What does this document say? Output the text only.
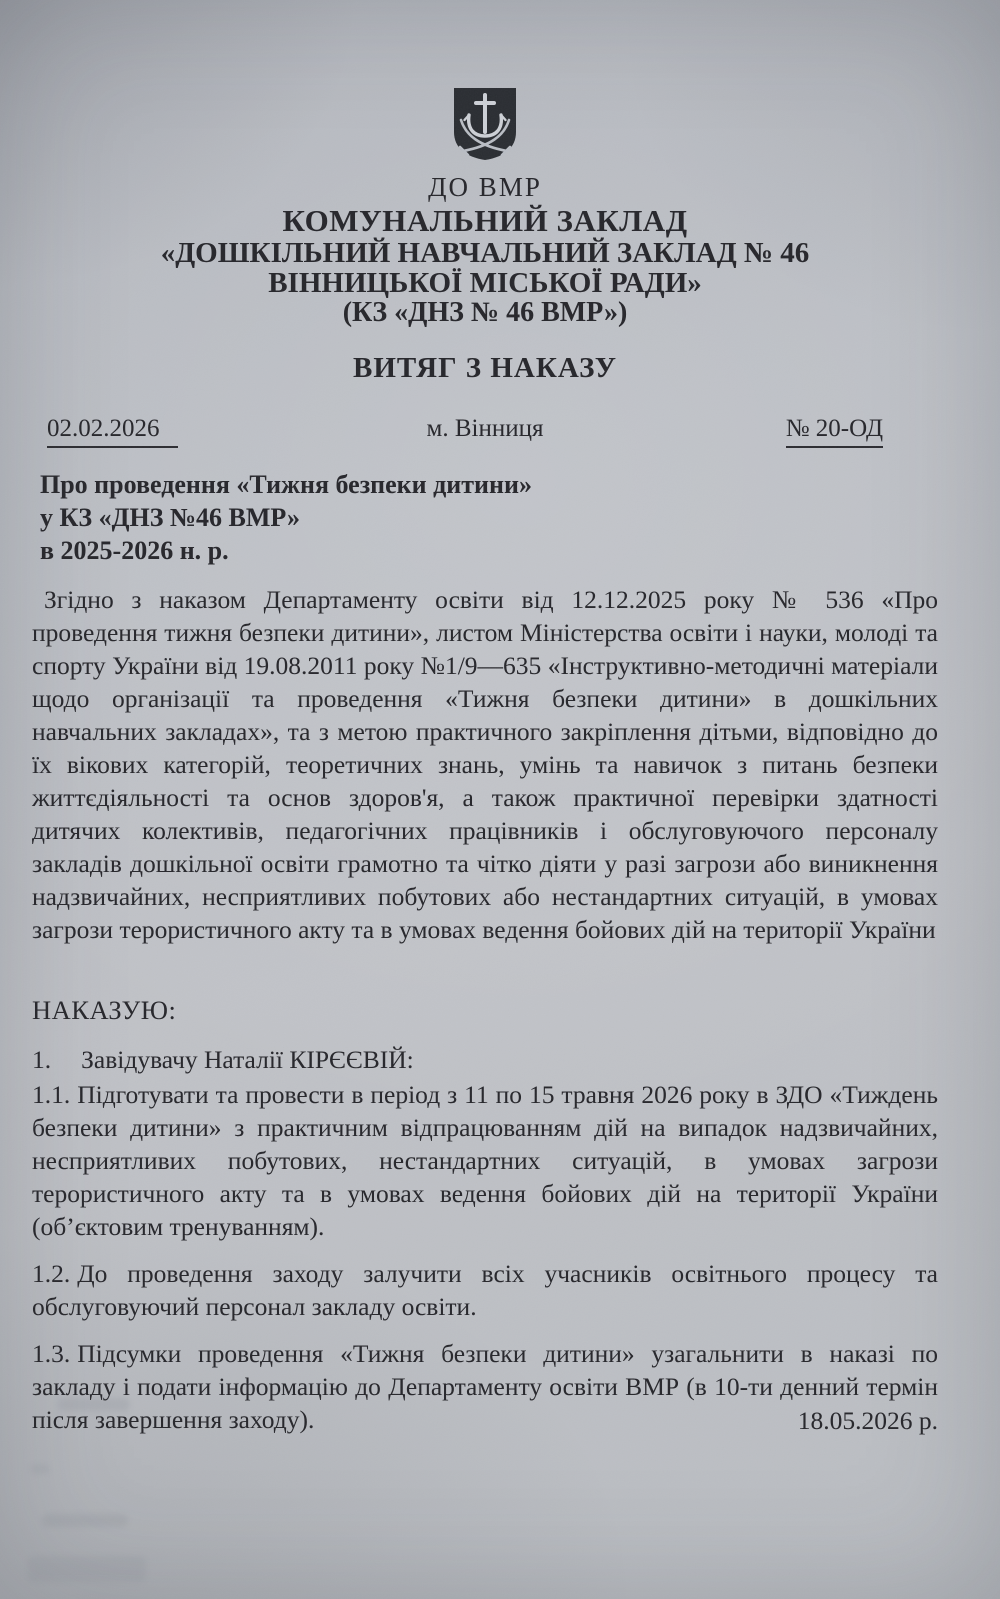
ДО ВМР
КОМУНАЛЬНИЙ ЗАКЛАД
«ДОШКІЛЬНИЙ НАВЧАЛЬНИЙ ЗАКЛАД № 46
ВІННИЦЬКОЇ МІСЬКОЇ РАДИ»
(КЗ «ДНЗ № 46 ВМР»)
ВИТЯГ З НАКАЗУ
02.02.2026	м. Вінниця	№ 20-ОД
Про проведення «Тижня безпеки дитини»
у КЗ «ДНЗ №46 ВМР»
в 2025-2026 н. р.

Згідно з наказом Департаменту освіти від 12.12.2025 року № 536 «Про проведення тижня безпеки дитини», листом Міністерства освіти і науки, молоді та спорту України від 19.08.2011 року №1/9—635 «Інструктивно-методичні матеріали щодо організації та проведення «Тижня безпеки дитини» в дошкільних навчальних закладах», та з метою практичного закріплення дітьми, відповідно до їх вікових категорій, теоретичних знань, умінь та навичок з питань безпеки життєдіяльності та основ здоров'я, а також практичної перевірки здатності дитячих колективів, педагогічних працівників і обслуговуючого персоналу закладів дошкільної освіти грамотно та чітко діяти у разі загрози або виникнення надзвичайних, несприятливих побутових або нестандартних ситуацій, в умовах загрози терористичного акту та в умовах ведення бойових дій на території України

НАКАЗУЮ:

1. Завідувачу Наталії КІРЄЄВІЙ:

1.1. Підготувати та провести в період з 11 по 15 травня 2026 року в ЗДО «Тиждень безпеки дитини» з практичним відпрацюванням дій на випадок надзвичайних, несприятливих побутових, нестандартних ситуацій, в умовах загрози терористичного акту та в умовах ведення бойових дій на території України (об’єктовим тренуванням).

1.2. До проведення заходу залучити всіх учасників освітнього процесу та обслуговуючий персонал закладу освіти.

1.3. Підсумки проведення «Тижня безпеки дитини» узагальнити в наказі по закладу і подати інформацію до Департаменту освіти ВМР (в 10-ти денний термін після завершення заходу).	18.05.2026 р.
